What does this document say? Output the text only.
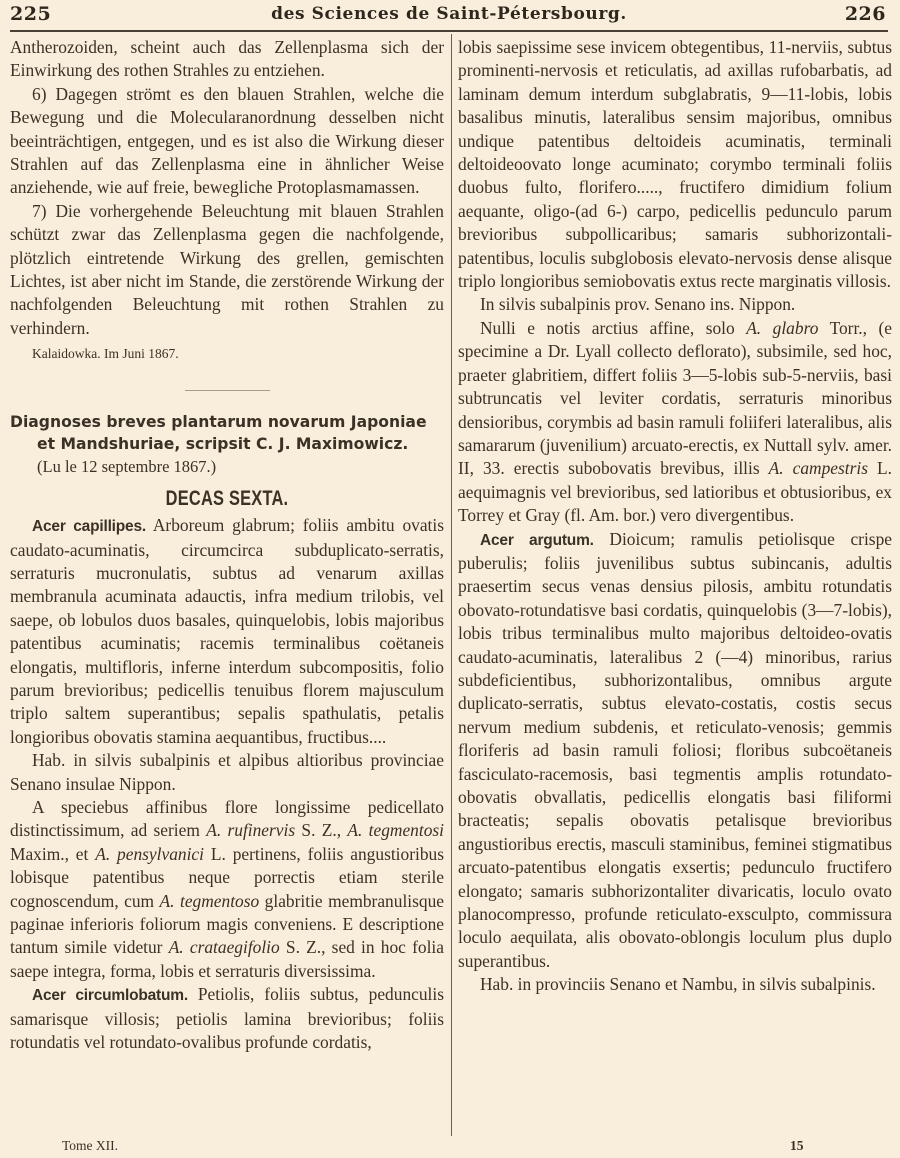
225	des Sciences de Saint-Pétersbourg.	226

Antherozoiden, scheint auch das Zellenplasma sich der Einwirkung des rothen Strahles zu entziehen.

6) Dagegen strömt es den blauen Strahlen, welche die Bewegung und die Molecularanordnung desselben nicht beeinträchtigen, entgegen, und es ist also die Wirkung dieser Strahlen auf das Zellenplasma eine in ähnlicher Weise anziehende, wie auf freie, bewegliche Protoplasmamassen.

7) Die vorhergehende Beleuchtung mit blauen Strahlen schützt zwar das Zellenplasma gegen die nachfolgende, plötzlich eintretende Wirkung des grellen, gemischten Lichtes, ist aber nicht im Stande, die zerstörende Wirkung der nachfolgenden Beleuchtung mit rothen Strahlen zu verhindern.

Kalaidowka. Im Juni 1867.

Diagnoses breves plantarum novarum Japoniae
et Mandshuriae, scripsit C. J. Maximowicz.

(Lu le 12 septembre 1867.)

DECAS SEXTA.

Acer capillipes. Arboreum glabrum; foliis ambitu ovatis caudato-acuminatis, circumcirca subduplicato-serratis, serraturis mucronulatis, subtus ad venarum axillas membranula acuminata adauctis, infra medium trilobis, vel saepe, ob lobulos duos basales, quinquelobis, lobis majoribus patentibus acuminatis; racemis terminalibus coëtaneis elongatis, multifloris, inferne interdum subcompositis, folio parum brevioribus; pedicellis tenuibus florem majusculum triplo saltem superantibus; sepalis spathulatis, petalis longioribus obovatis stamina aequantibus, fructibus....

Hab. in silvis subalpinis et alpibus altioribus provinciae Senano insulae Nippon.

A speciebus affinibus flore longissime pedicellato distinctissimum, ad seriem A. rufinervis S. Z., A. tegmentosi Maxim., et A. pensylvanici L. pertinens, foliis angustioribus lobisque patentibus neque porrectis etiam sterile cognoscendum, cum A. tegmentoso glabritie membranulisque paginae inferioris foliorum magis conveniens. E descriptione tantum simile videtur A. crataegifolio S. Z., sed in hoc folia saepe integra, forma, lobis et serraturis diversissima.

Acer circumlobatum. Petiolis, foliis subtus, pedunculis samarisque villosis; petiolis lamina brevioribus; foliis rotundatis vel rotundato-ovalibus profunde cordatis,

lobis saepissime sese invicem obtegentibus, 11-nerviis, subtus prominenti-nervosis et reticulatis, ad axillas rufobarbatis, ad laminam demum interdum subglabratis, 9—11-lobis, lobis basalibus minutis, lateralibus sensim majoribus, omnibus undique patentibus deltoideis acuminatis, terminali deltoideoovato longe acuminato; corymbo terminali foliis duobus fulto, florifero....., fructifero dimidium folium aequante, oligo-(ad 6-) carpo, pedicellis pedunculo parum brevioribus subpollicaribus; samaris subhorizontali-patentibus, loculis subglobosis elevato-nervosis dense alisque triplo longioribus semiobovatis extus recte marginatis villosis.

In silvis subalpinis prov. Senano ins. Nippon.

Nulli e notis arctius affine, solo A. glabro Torr., (e specimine a Dr. Lyall collecto deflorato), subsimile, sed hoc, praeter glabritiem, differt foliis 3—5-lobis sub-5-nerviis, basi subtruncatis vel leviter cordatis, serraturis minoribus densioribus, corymbis ad basin ramuli foliiferi lateralibus, alis samararum (juvenilium) arcuato-erectis, ex Nuttall sylv. amer. II, 33. erectis subobovatis brevibus, illis A. campestris L. aequimagnis vel brevioribus, sed latioribus et obtusioribus, ex Torrey et Gray (fl. Am. bor.) vero divergentibus.

Acer argutum. Dioicum; ramulis petiolisque crispe puberulis; foliis juvenilibus subtus subincanis, adultis praesertim secus venas densius pilosis, ambitu rotundatis obovato-rotundatisve basi cordatis, quinquelobis (3—7-lobis), lobis tribus terminalibus multo majoribus deltoideo-ovatis caudato-acuminatis, lateralibus 2 (—4) minoribus, rarius subdeficientibus, subhorizontalibus, omnibus argute duplicato-serratis, subtus elevato-costatis, costis secus nervum medium subdenis, et reticulato-venosis; gemmis floriferis ad basin ramuli foliosi; floribus subcoëtaneis fasciculato-racemosis, basi tegmentis amplis rotundato-obovatis obvallatis, pedicellis elongatis basi filiformi bracteatis; sepalis obovatis petalisque brevioribus angustioribus erectis, masculi staminibus, feminei stigmatibus arcuato-patentibus elongatis exsertis; pedunculo fructifero elongato; samaris subhorizontaliter divaricatis, loculo ovato planocompresso, profunde reticulato-exsculpto, commissura loculo aequilata, alis obovato-oblongis loculum plus duplo superantibus.

Hab. in provinciis Senano et Nambu, in silvis subalpinis.

Tome XII.	15
